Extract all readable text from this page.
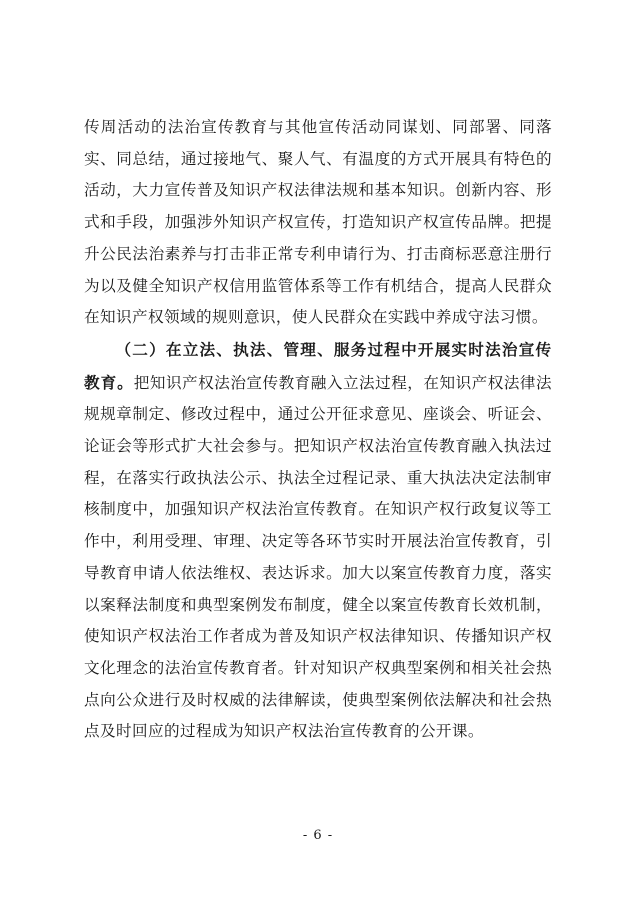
传周活动的法治宣传教育与其他宣传活动同谋划、同部署、同落实、同总结，通过接地气、聚人气、有温度的方式开展具有特色的活动，大力宣传普及知识产权法律法规和基本知识。创新内容、形式和手段，加强涉外知识产权宣传，打造知识产权宣传品牌。把提升公民法治素养与打击非正常专利申请行为、打击商标恶意注册行为以及健全知识产权信用监管体系等工作有机结合，提高人民群众在知识产权领域的规则意识，使人民群众在实践中养成守法习惯。

（二）在立法、执法、管理、服务过程中开展实时法治宣传教育。把知识产权法治宣传教育融入立法过程，在知识产权法律法规规章制定、修改过程中，通过公开征求意见、座谈会、听证会、论证会等形式扩大社会参与。把知识产权法治宣传教育融入执法过程，在落实行政执法公示、执法全过程记录、重大执法决定法制审核制度中，加强知识产权法治宣传教育。在知识产权行政复议等工作中，利用受理、审理、决定等各环节实时开展法治宣传教育，引导教育申请人依法维权、表达诉求。加大以案宣传教育力度，落实以案释法制度和典型案例发布制度，健全以案宣传教育长效机制，使知识产权法治工作者成为普及知识产权法律知识、传播知识产权文化理念的法治宣传教育者。针对知识产权典型案例和相关社会热点向公众进行及时权威的法律解读，使典型案例依法解决和社会热点及时回应的过程成为知识产权法治宣传教育的公开课。

- 6 -
